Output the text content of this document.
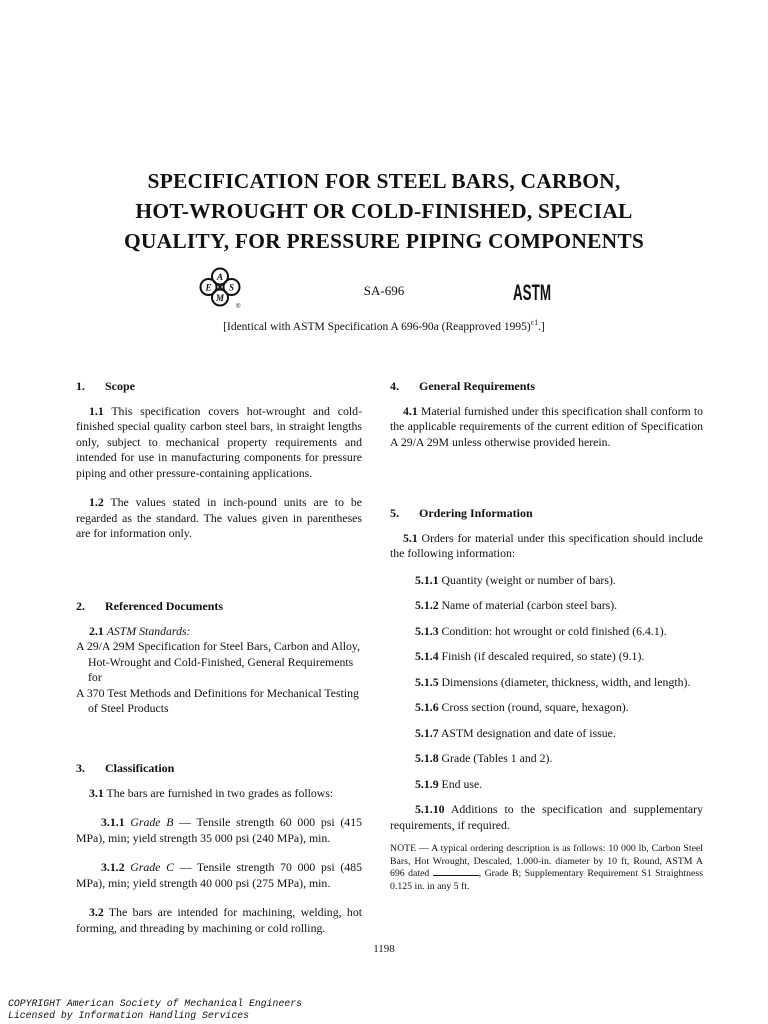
SPECIFICATION FOR STEEL BARS, CARBON,
HOT-WROUGHT OR COLD-FINISHED, SPECIAL
QUALITY, FOR PRESSURE PIPING COMPONENTS
A
E S
M
®
SA-696	ASTM
[Identical with ASTM Specification A 696-90a (Reapproved 1995)$^{\varepsilon 1}$.]
1.	Scope

1.1 This specification covers hot-wrought and cold-finished special quality carbon steel bars, in straight lengths only, subject to mechanical property requirements and intended for use in manufacturing components for pressure piping and other pressure-containing applications.

1.2 The values stated in inch-pound units are to be regarded as the standard. The values given in parentheses are for information only.

2.	Referenced Documents

2.1 ASTM Standards:

A 29/A 29M Specification for Steel Bars, Carbon and Alloy, Hot-Wrought and Cold-Finished, General Requirements for

A 370 Test Methods and Definitions for Mechanical Testing of Steel Products

3.	Classification

3.1 The bars are furnished in two grades as follows:

3.1.1 Grade B — Tensile strength 60 000 psi (415 MPa), min; yield strength 35 000 psi (240 MPa), min.

3.1.2 Grade C — Tensile strength 70 000 psi (485 MPa), min; yield strength 40 000 psi (275 MPa), min.

3.2 The bars are intended for machining, welding, hot forming, and threading by machining or cold rolling.

4.	General Requirements

4.1 Material furnished under this specification shall conform to the applicable requirements of the current edition of Specification A 29/A 29M unless otherwise provided herein.

5.	Ordering Information

5.1 Orders for material under this specification should include the following information:

5.1.1 Quantity (weight or number of bars).

5.1.2 Name of material (carbon steel bars).

5.1.3 Condition: hot wrought or cold finished (6.4.1).

5.1.4 Finish (if descaled required, so state) (9.1).

5.1.5 Dimensions (diameter, thickness, width, and length).

5.1.6 Cross section (round, square, hexagon).

5.1.7 ASTM designation and date of issue.

5.1.8 Grade (Tables 1 and 2).

5.1.9 End use.

5.1.10 Additions to the specification and supplementary requirements, if required.

NOTE — A typical ordering description is as follows: 10 000 lb, Carbon Steel Bars, Hot Wrought, Descaled, 1.000-in. diameter by 10 ft, Round, ASTM A 696 dated	, Grade B; Supplementary Requirement S1 Straightness 0.125 in. in any 5 ft.

1198
COPYRIGHT American Society of Mechanical Engineers
Licensed by Information Handling Services
